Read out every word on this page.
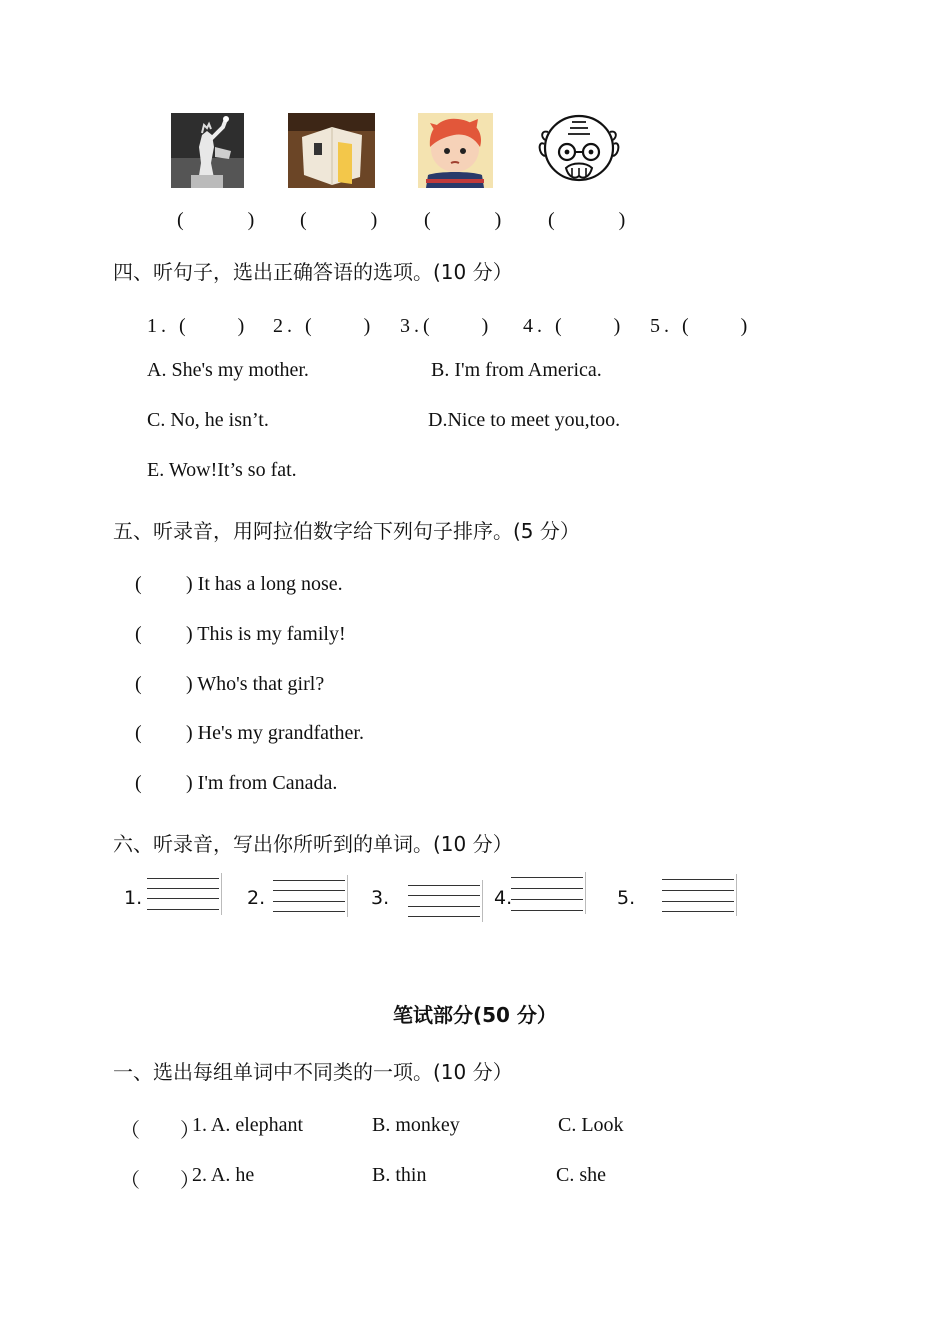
(　　) (　　) (　　) (　　)
四、听句子，选出正确答语的选项。(10 分）
1. (　　) 2. (　　) 3.(　　) 4. (　　) 5. (　　)
A. She's my mother.	B. I'm from America.
C. No, he isn’t.	D.Nice to meet you,too.
E. Wow!It’s so fat.
五、听录音，用阿拉伯数字给下列句子排序。(5 分）
( ) It has a long nose.
( ) This is my family!
( ) Who's that girl?
( ) He's my grandfather.
( ) I'm from Canada.
六、听录音，写出你所听到的单词。(10 分）
1.	2.	3.	4.	5.
笔试部分(50 分）
一、选出每组单词中不同类的一项。(10 分）
（　　）
1. A. elephant	B. monkey	C. Look
（　　）
2. A. he	B. thin	C. she
